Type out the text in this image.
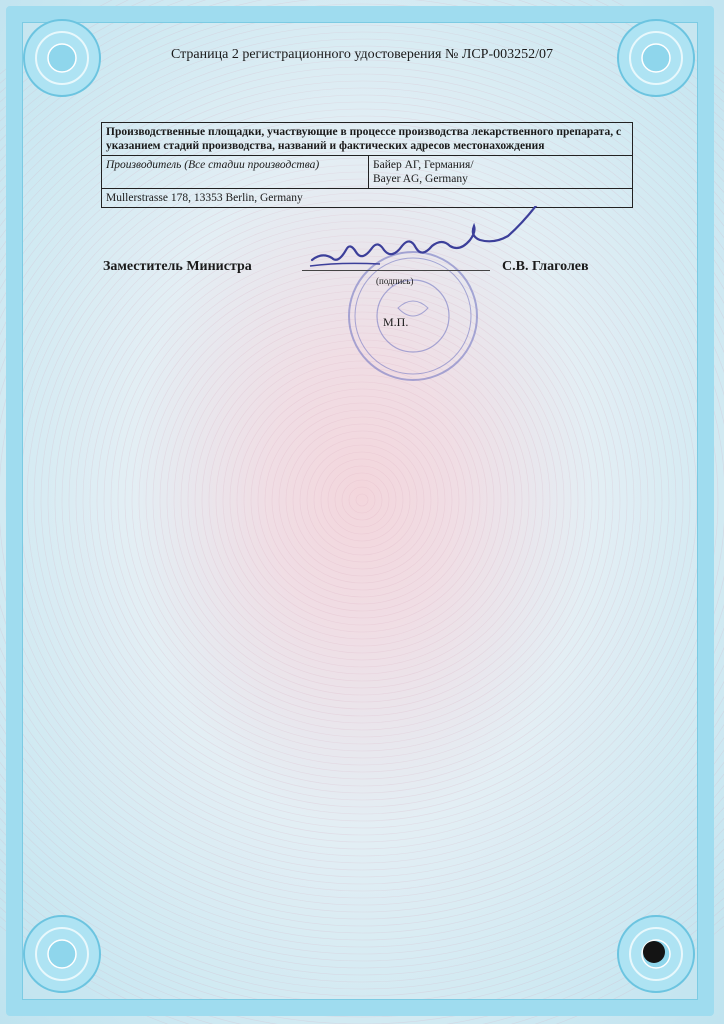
Страница 2 регистрационного удостоверения № ЛСР-003252/07
Производственные площадки, участвующие в процессе производства лекарственного препарата, с указанием стадий производства, названий и фактических адресов местонахождения
Производитель (Все стадии производства)	Байер АГ, Германия/
Bayer AG, Germany

Mullerstrasse 178, 13353 Berlin, Germany
Заместитель Министра	С.В. Глаголев
(подпись)
М.П.
